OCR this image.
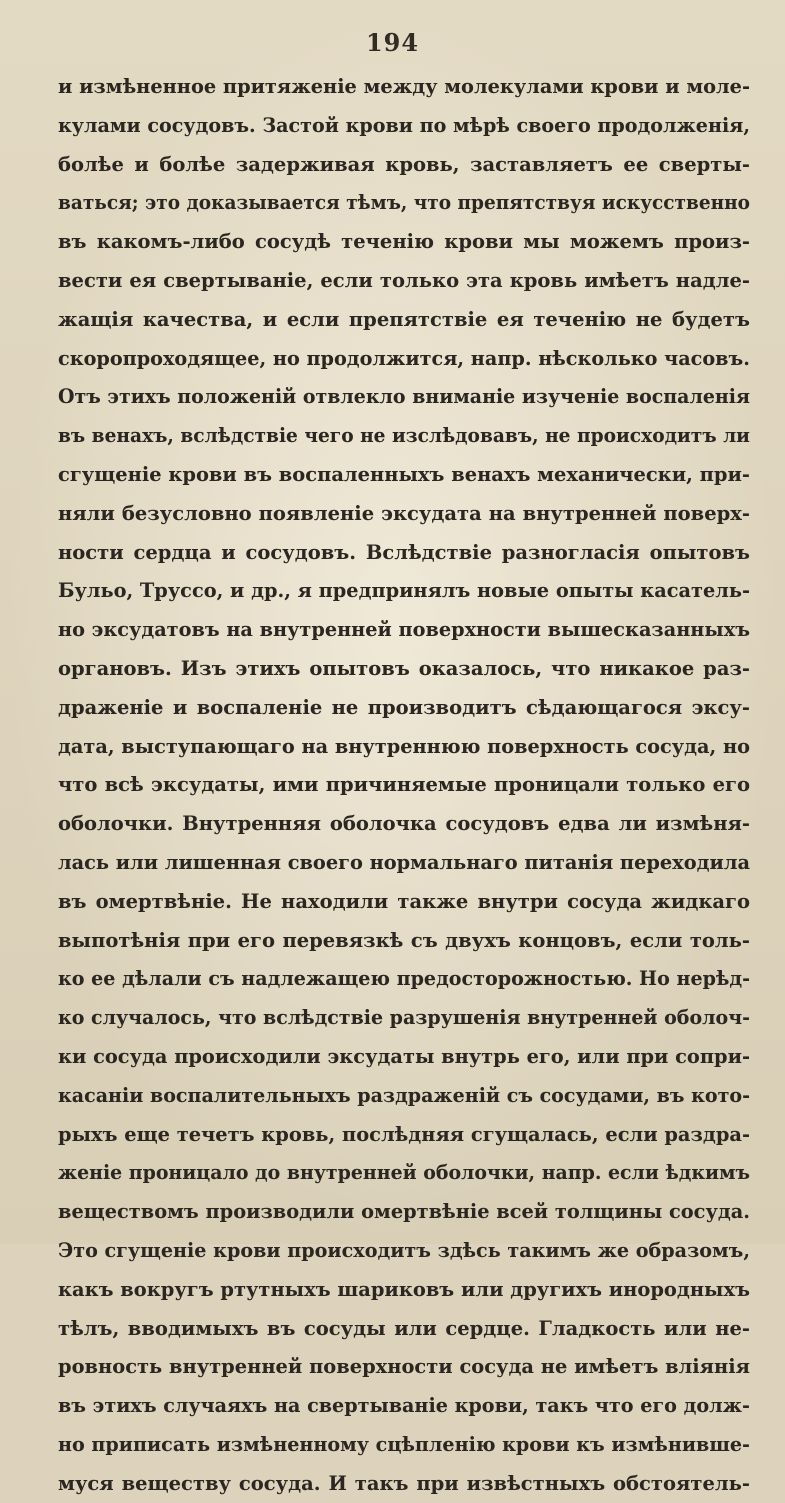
194
и измѣненное притяженіе между молекулами крови и моле-
кулами сосудовъ. Застой крови по мѣрѣ своего продолженія,
болѣе и болѣе задерживая кровь, заставляетъ ее сверты-
ваться; это доказывается тѣмъ, что препятствуя искусственно
въ какомъ-либо сосудѣ теченію крови мы можемъ произ-
вести ея свертываніе, если только эта кровь имѣетъ надле-
жащія качества, и если препятствіе ея теченію не будетъ
скоропроходящее, но продолжится, напр. нѣсколько часовъ.
Отъ этихъ положеній отвлекло вниманіе изученіе воспаленія
въ венахъ, вслѣдствіе чего не изслѣдовавъ, не происходитъ ли
сгущеніе крови въ воспаленныхъ венахъ механически, при-
няли безусловно появленіе эксудата на внутренней поверх-
ности сердца и сосудовъ. Вслѣдствіе разногласія опытовъ
Бульо, Труссо, и др., я предпринялъ новые опыты касатель-
но эксудатовъ на внутренней поверхности вышесказанныхъ
органовъ. Изъ этихъ опытовъ оказалось, что никакое раз-
драженіе и воспаленіе не производитъ сѣдающагося эксу-
дата, выступающаго на внутреннюю поверхность сосуда, но
что всѣ эксудаты, ими причиняемые проницали только его
оболочки. Внутренняя оболочка сосудовъ едва ли измѣня-
лась или лишенная своего нормальнаго питанія переходила
въ омертвѣніе. Не находили также внутри сосуда жидкаго
выпотѣнія при его перевязкѣ съ двухъ концовъ, если толь-
ко ее дѣлали съ надлежащею предосторожностью. Но нерѣд-
ко случалось, что вслѣдствіе разрушенія внутренней оболоч-
ки сосуда происходили эксудаты внутрь его, или при сопри-
касаніи воспалительныхъ раздраженій съ сосудами, въ кото-
рыхъ еще течетъ кровь, послѣдняя сгущалась, если раздра-
женіе проницало до внутренней оболочки, напр. если ѣдкимъ
веществомъ производили омертвѣніе всей толщины сосуда.
Это сгущеніе крови происходитъ здѣсь такимъ же образомъ,
какъ вокругъ ртутныхъ шариковъ или другихъ инородныхъ
тѣлъ, вводимыхъ въ сосуды или сердце. Гладкость или не-
ровность внутренней поверхности сосуда не имѣетъ вліянія
въ этихъ случаяхъ на свертываніе крови, такъ что его долж-
но приписать измѣненному сцѣпленію крови къ измѣнивше-
муся веществу сосуда. И такъ при извѣстныхъ обстоятель-
